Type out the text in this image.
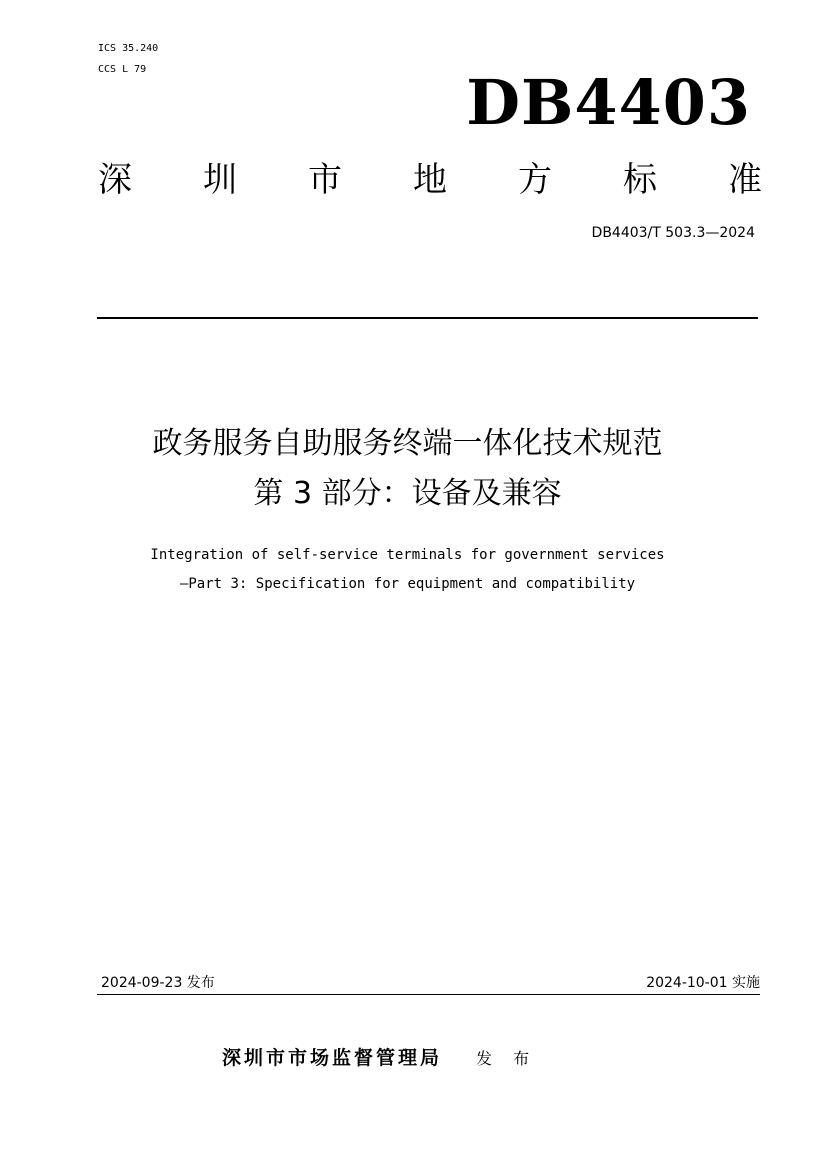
ICS 35.240
CCS L 79	DB4403
深 圳 市 地 方 标 准
DB4403/T 503.3—2024
政务服务自助服务终端一体化技术规范
第 3 部分：设备及兼容
Integration of self-service terminals for government services
—Part 3: Specification for equipment and compatibility
2024-09-23 发布	2024-10-01 实施
深圳市市场监督管理局 发 布
